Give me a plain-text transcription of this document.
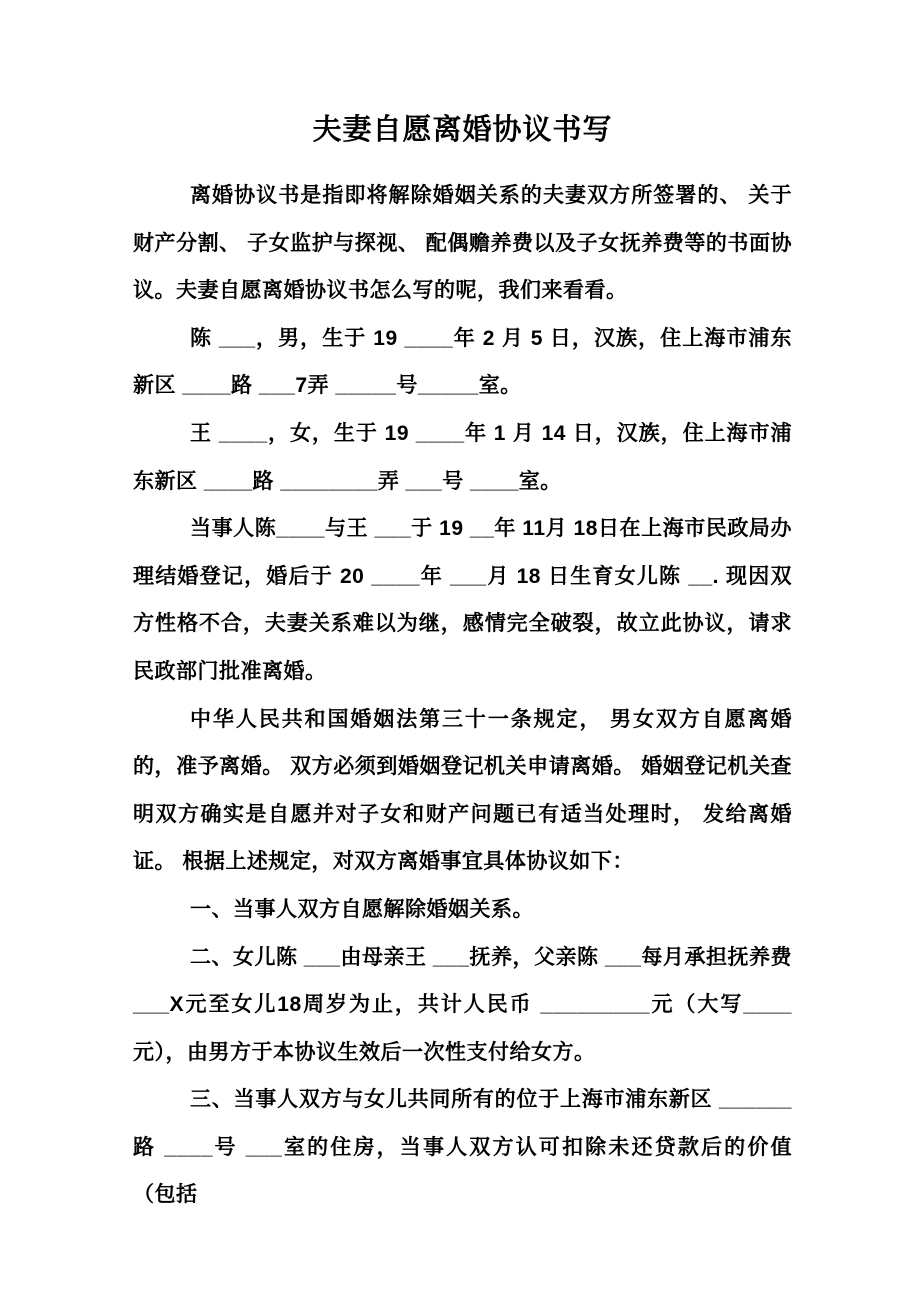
夫妻自愿离婚协议书写

离婚协议书是指即将解除婚姻关系的夫妻双方所签署的、 关于财产分割、 子女监护与探视、 配偶赡养费以及子女抚养费等的书面协议。夫妻自愿离婚协议书怎么写的呢，我们来看看。

陈 ___，男，生于 19 ____年 2 月 5 日，汉族，住上海市浦东新区 ____路 ___7弄 _____号_____室。

王 ____，女，生于 19 ____年 1 月 14 日，汉族，住上海市浦东新区 ____路 ________弄 ___号 ____室。

当事人陈____与王 ___于 19 __年 11月 18日在上海市民政局办理结婚登记，婚后于 20 ____年 ___月 18 日生育女儿陈 __. 现因双方性格不合，夫妻关系难以为继，感情完全破裂，故立此协议，请求民政部门批准离婚。

中华人民共和国婚姻法第三十一条规定， 男女双方自愿离婚的，准予离婚。 双方必须到婚姻登记机关申请离婚。 婚姻登记机关查明双方确实是自愿并对子女和财产问题已有适当处理时， 发给离婚证。 根据上述规定，对双方离婚事宜具体协议如下：

一、当事人双方自愿解除婚姻关系。

二、女儿陈 ___由母亲王 ___抚养，父亲陈 ___每月承担抚养费 ___X元至女儿18周岁为止，共计人民币 _________元（大写____元），由男方于本协议生效后一次性支付给女方。

三、当事人双方与女儿共同所有的位于上海市浦东新区 ______路 ____号 ___室的住房，当事人双方认可扣除未还贷款后的价值 （包括
